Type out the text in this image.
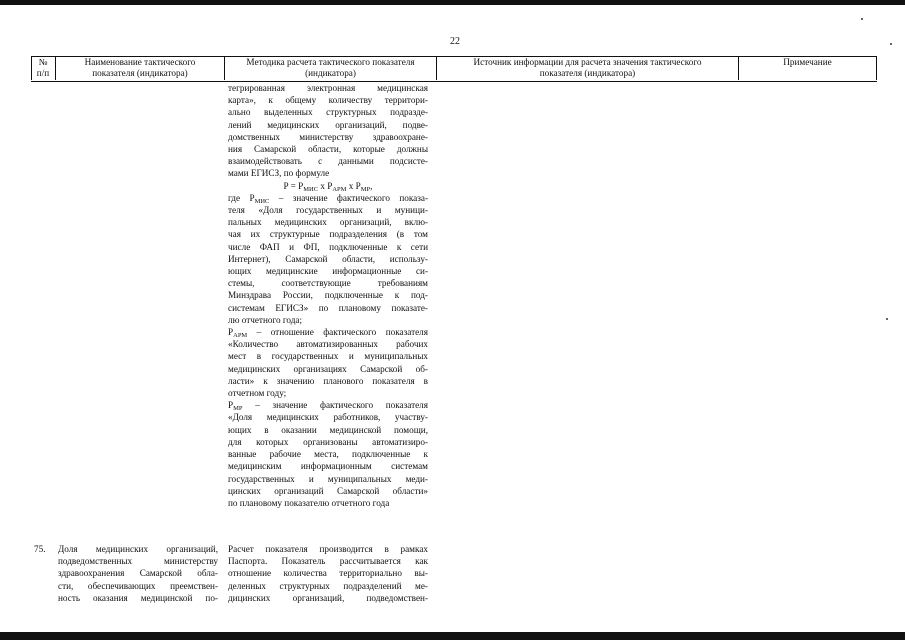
22
№
п/п
Наименование тактического
показателя (индикатора)
Методика расчета тактического показателя
(индикатора)
Источник информации для расчета значения тактического
показателя (индикатора)
Примечание
тегрированная электронная медицинская
карта», к общему количеству территори-
ально выделенных структурных подразде-
лений медицинских организаций, подве-
домственных министерству здравоохране-
ния Самарской области, которые должны
взаимодействовать с данными подсисте-
мами ЕГИСЗ, по формуле
$P = P_{МИС}$ x $P_{АРМ}$ x $P_{МР}$,
где $P_{МИС}$ – значение фактического показа-
теля «Доля государственных и муници-
пальных медицинских организаций, вклю-
чая их структурные подразделения (в том
числе ФАП и ФП, подключенные к сети
Интернет), Самарской области, использу-
ющих медицинские информационные си-
стемы, соответствующие требованиям
Минздрава России, подключенные к под-
системам ЕГИСЗ» по плановому показате-
лю отчетного года;
$P_{АРМ}$ – отношение фактического показателя
«Количество автоматизированных рабочих
мест в государственных и муниципальных
медицинских организациях Самарской об-
ласти» к значению планового показателя в
отчетном году;
$P_{МР}$ – значение фактического показателя
«Доля медицинских работников, участву-
ющих в оказании медицинской помощи,
для которых организованы автоматизиро-
ванные рабочие места, подключенные к
медицинским информационным системам
государственных и муниципальных меди-
цинских организаций Самарской области»
по плановому показателю отчетного года
75.	Доля медицинских организаций,
подведомственных министерству
здравоохранения Самарской обла-
сти, обеспечивающих преемствен-
ность оказания медицинской по-
Расчет показателя производится в рамках
Паспорта. Показатель рассчитывается как
отношение количества территориально вы-
деленных структурных подразделений ме-
дицинских организаций, подведомствен-
